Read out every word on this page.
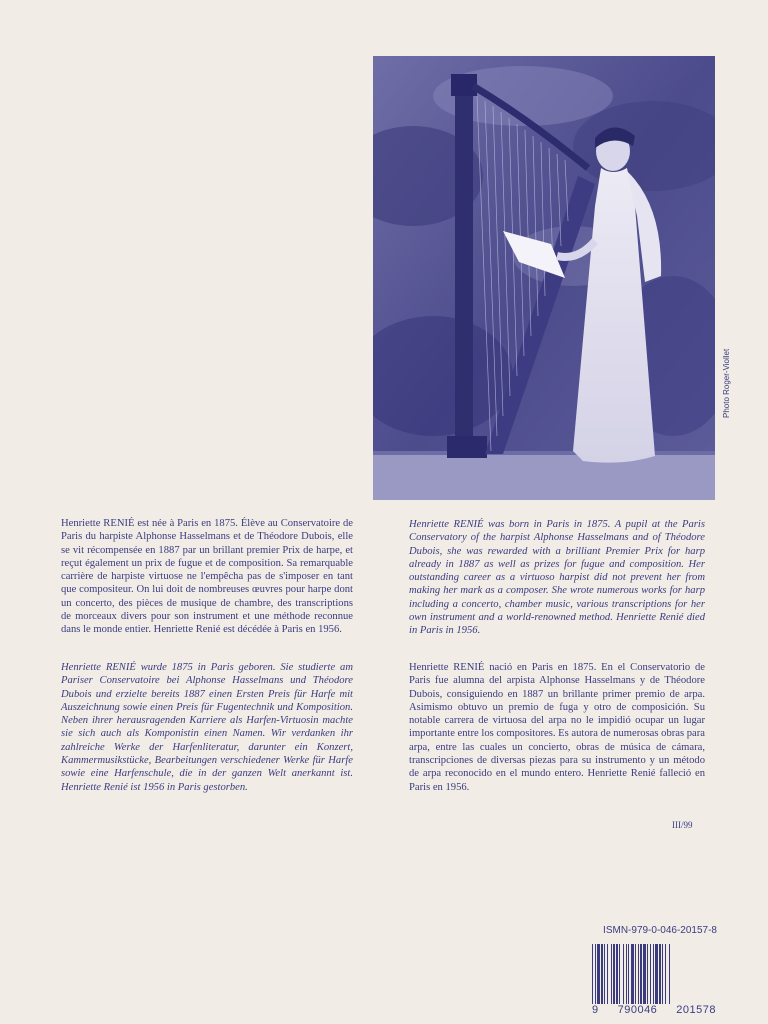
Photo Roger-Viollet
Henriette RENIÉ est née à Paris en 1875. Élève au Conservatoire de Paris du harpiste Alphonse Hasselmans et de Théodore Dubois, elle se vit récompensée en 1887 par un brillant premier Prix de harpe, et reçut également un prix de fugue et de composition. Sa remarquable carrière de harpiste virtuose ne l'empêcha pas de s'imposer en tant que compositeur. On lui doit de nombreuses œuvres pour harpe dont un concerto, des pièces de musique de chambre, des transcriptions de morceaux divers pour son instrument et une méthode reconnue dans le monde entier. Henriette Renié est décédée à Paris en 1956.
Henriette RENIÉ wurde 1875 in Paris geboren. Sie studierte am Pariser Conservatoire bei Alphonse Hasselmans und Théodore Dubois und erzielte bereits 1887 einen Ersten Preis für Harfe mit Auszeichnung sowie einen Preis für Fugentechnik und Komposition. Neben ihrer herausragenden Karriere als Harfen-Virtuosin machte sie sich auch als Komponistin einen Namen. Wir verdanken ihr zahlreiche Werke der Harfenliteratur, darunter ein Konzert, Kammermusikstücke, Bearbeitungen verschiedener Werke für Harfe sowie eine Harfenschule, die in der ganzen Welt anerkannt ist. Henriette Renié ist 1956 in Paris gestorben.
Henriette RENIÉ was born in Paris in 1875. A pupil at the Paris Conservatory of the harpist Alphonse Hasselmans and of Théodore Dubois, she was rewarded with a brilliant Premier Prix for harp already in 1887 as well as prizes for fugue and composition. Her outstanding career as a virtuoso harpist did not prevent her from making her mark as a composer. She wrote numerous works for harp including a concerto, chamber music, various transcriptions for her own instrument and a world-renowned method. Henriette Renié died in Paris in 1956.
Henriette RENIÉ nació en Paris en 1875. En el Conservatorio de Paris fue alumna del arpista Alphonse Hasselmans y de Théodore Dubois, consiguiendo en 1887 un brillante primer premio de arpa. Asimismo obtuvo un premio de fuga y otro de composición. Su notable carrera de virtuosa del arpa no le impidió ocupar un lugar importante entre los compositores. Es autora de numerosas obras para arpa, entre las cuales un concierto, obras de música de cámara, transcripciones de diversas piezas para su instrumento y un método de arpa reconocido en el mundo entero. Henriette Renié falleció en Paris en 1956.
III/99
ISMN-979-0-046-20157-8
9 790046 201578
